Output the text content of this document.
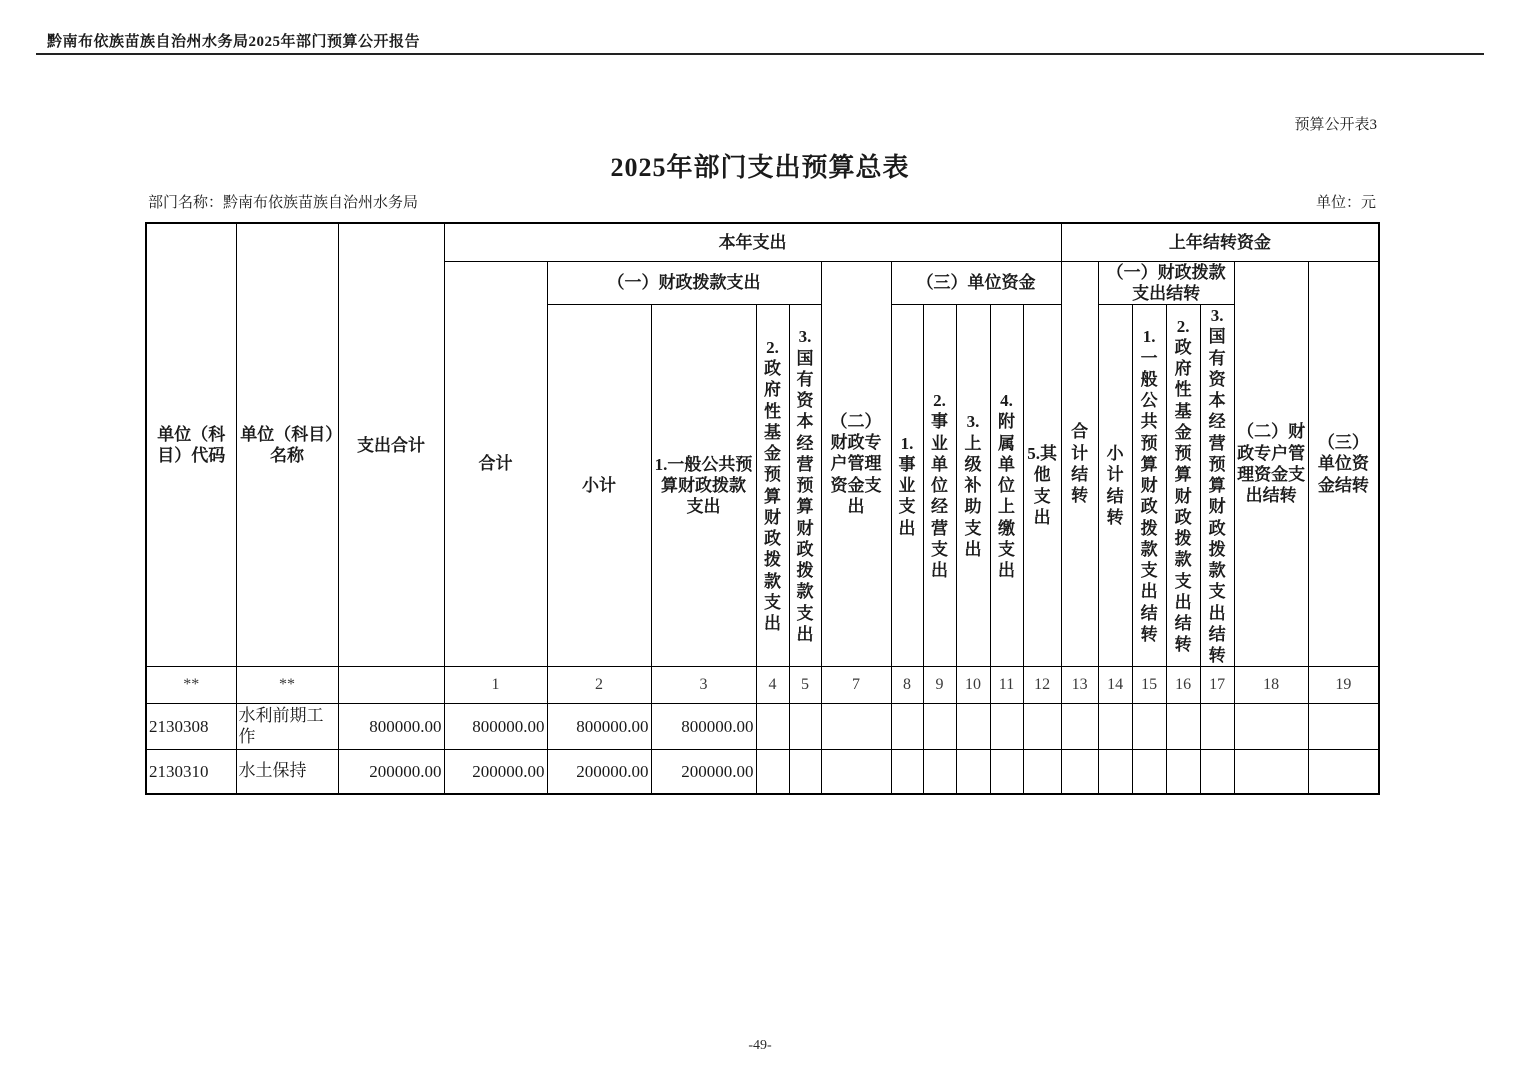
黔南布依族苗族自治州水务局2025年部门预算公开报告
预算公开表3
2025年部门支出预算总表
部门名称：黔南布依族苗族自治州水务局	单位：元
单位（科目）代码	单位（科目）名称	支出合计	本年支出											上年结转资金						
			合计	（一）财政拨款支出				（二）财政专户管理资金支出	（三）单位资金					合计结转	（一）财政拨款支出结转				（二）财政专户管理资金支出结转	（三）单位资金结转
				小计	1.一般公共预算财政拨款支出	2.政府性基金预算财政拨款支出	3.国有资本经营预算财政拨款支出		1.事业支出	2.事业单位经营支出	3.上级补助支出	4.附属单位上缴支出	5.其他支出		小计结转	1.一般公共预算财政拨款支出结转	2.政府性基金预算财政拨款支出结转	3.国有资本经营预算财政拨款支出结转		
**	**		1	2	3	4	5	7	8	9	10	11	12	13	14	15	16	17	18	19
2130308	水利前期工作	800000.00	800000.00	800000.00	800000.00															
2130310	水土保持	200000.00	200000.00	200000.00	200000.00															
-49-
